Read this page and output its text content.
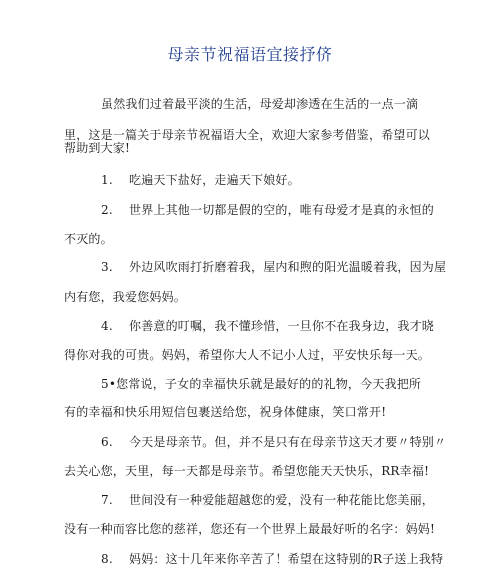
母亲节祝福语宜接抒侪
虽然我们过着最平淡的生活，母爱却渗透在生活的一点一滴
里，这是一篇关于母亲节祝福语大全，欢迎大家参考借鉴，希望可以
帮助到大家!
1. 吃遍天下盐好，走遍天下娘好。
2. 世界上其他一切都是假的空的，唯有母爱才是真的永恒的
不灭的。
3. 外边风吹雨打折磨着我，屋内和煦的阳光温暖着我，因为屋
内有您，我爱您妈妈。
4. 你善意的叮嘱，我不懂珍惜，一旦你不在我身边，我才晓
得你对我的可贵。妈妈，希望你大人不记小人过，平安快乐每一天。
5•您常说，子女的幸福快乐就是最好的的礼物，今天我把所
有的幸福和快乐用短信包裹送给您，祝身体健康，笑口常开!
6. 今天是母亲节。但，并不是只有在母亲节这天才要〃特别〃
去关心您，天里，每一天都是母亲节。希望您能天天快乐，RR幸福!
7. 世间没有一种爱能超越您的爱，没有一种花能比您美丽，
没有一种而容比您的慈祥，您还有一个世界上最最好听的名字：妈妈!
8. 妈妈：这十几年来你辛苦了！希望在这特别的R子送上我特
